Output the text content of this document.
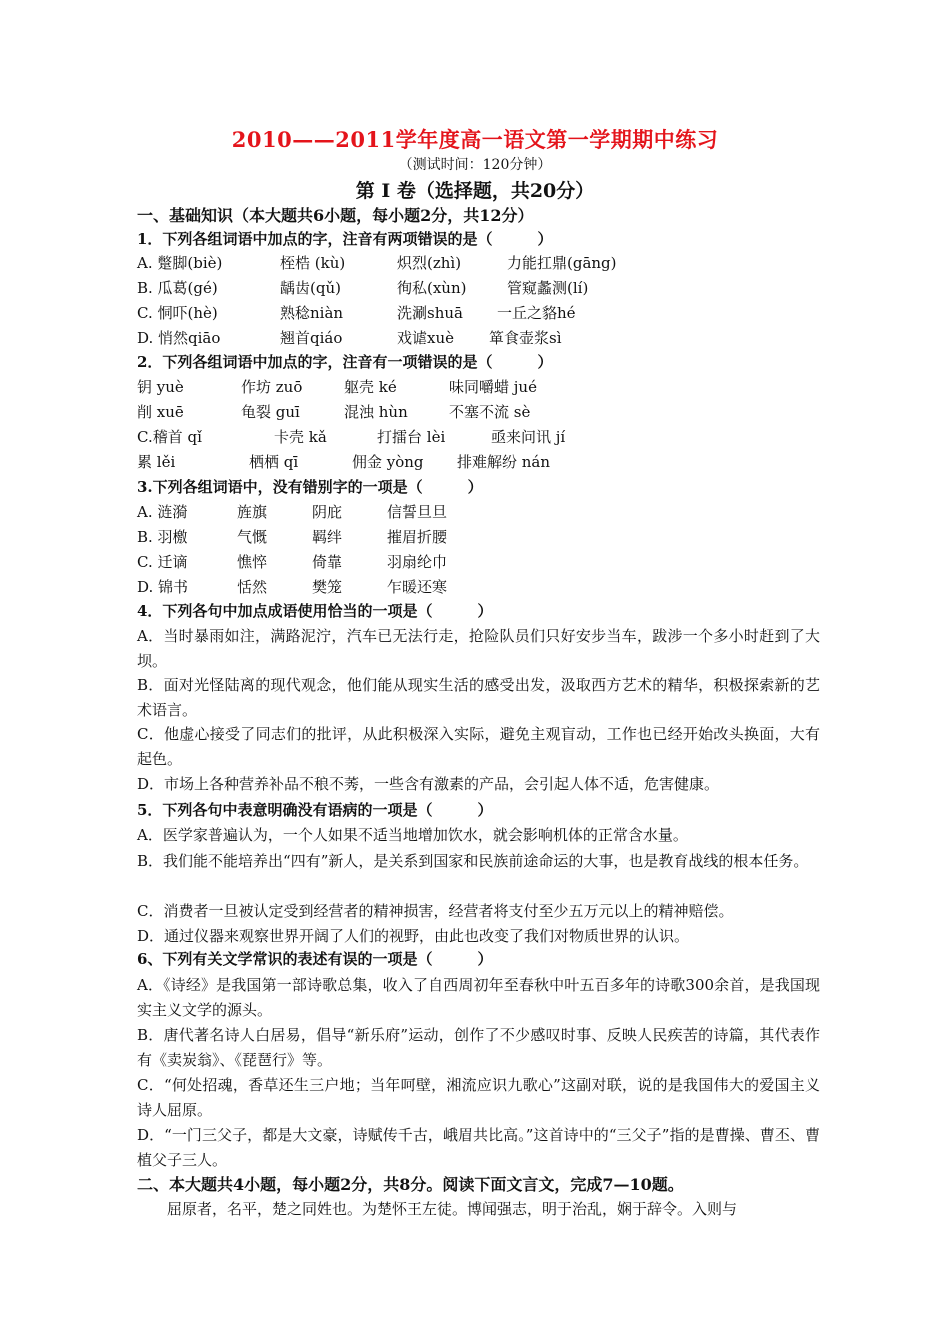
2010——2011学年度高一语文第一学期期中练习
（测试时间：120分钟）
第 Ⅰ 卷（选择题，共20分）
一、基础知识（本大题共6小题，每小题2分，共12分）
1．下列各组词语中加点的字，注音有两项错误的是（　　　）
A. 蹩脚(biè)	桎梏 (kù)	炽烈(zhì)	力能扛鼎(gāng)
B. 瓜葛(gé)	龋齿(qǔ)	徇私(xùn)	管窥蠡测(lí)
C. 恫吓(hè)	熟稔niàn	洗涮shuā 一丘之貉hé
D. 悄然qiāo	翘首qiáo	戏谑xuè 箪食壶浆sì
2．下列各组词语中加点的字，注音有一项错误的是（　　　）
钥 yuè	作坊 zuō	躯壳 ké	味同嚼蜡 jué
削 xuē	龟裂 guī	混浊 hùn	不塞不流 sè
C.稽首 qǐ	卡壳 kǎ	打擂台 lèi	亟来问讯 jí
累 lěi	栖栖 qī	佣金 yòng 排难解纷 nán
3.下列各组词语中，没有错别字的一项是（　　　）
A. 涟漪	旌旗	阴庇	信誓旦旦
B. 羽檄	气慨	羁绊	摧眉折腰
C. 迁谪	憔悴	倚靠	羽扇纶巾
D. 锦书	恬然	樊笼	乍暖还寒
4．下列各句中加点成语使用恰当的一项是（　　　）
A．当时暴雨如注，满路泥泞，汽车已无法行走，抢险队员们只好安步当车，跋涉一个多小时赶到了大坝。
B．面对光怪陆离的现代观念，他们能从现实生活的感受出发，汲取西方艺术的精华，积极探索新的艺术语言。
C．他虚心接受了同志们的批评，从此积极深入实际，避免主观盲动，工作也已经开始改头换面，大有起色。
D．市场上各种营养补品不稂不莠，一些含有激素的产品，会引起人体不适，危害健康。
5．下列各句中表意明确没有语病的一项是（　　　）
A．医学家普遍认为，一个人如果不适当地增加饮水，就会影响机体的正常含水量。
B．我们能不能培养出“四有”新人，是关系到国家和民族前途命运的大事，也是教育战线的根本任务。
C．消费者一旦被认定受到经营者的精神损害，经营者将支付至少五万元以上的精神赔偿。
D．通过仪器来观察世界开阔了人们的视野，由此也改变了我们对物质世界的认识。
6、下列有关文学常识的表述有误的一项是（　　　）
A．《诗经》是我国第一部诗歌总集，收入了自西周初年至春秋中叶五百多年的诗歌300余首，是我国现实主义文学的源头。
B．唐代著名诗人白居易，倡导“新乐府”运动，创作了不少感叹时事、反映人民疾苦的诗篇，其代表作有《卖炭翁》、《琵琶行》等。
C．“何处招魂，香草还生三户地；当年呵壁，湘流应识九歌心”这副对联，说的是我国伟大的爱国主义诗人屈原。
D．“一门三父子，都是大文豪，诗赋传千古，峨眉共比高。”这首诗中的“三父子”指的是曹操、曹丕、曹植父子三人。
二、本大题共4小题，每小题2分，共8分。阅读下面文言文，完成7—10题。
屈原者，名平，楚之同姓也。为楚怀王左徒。博闻强志，明于治乱，娴于辞令。入则与
